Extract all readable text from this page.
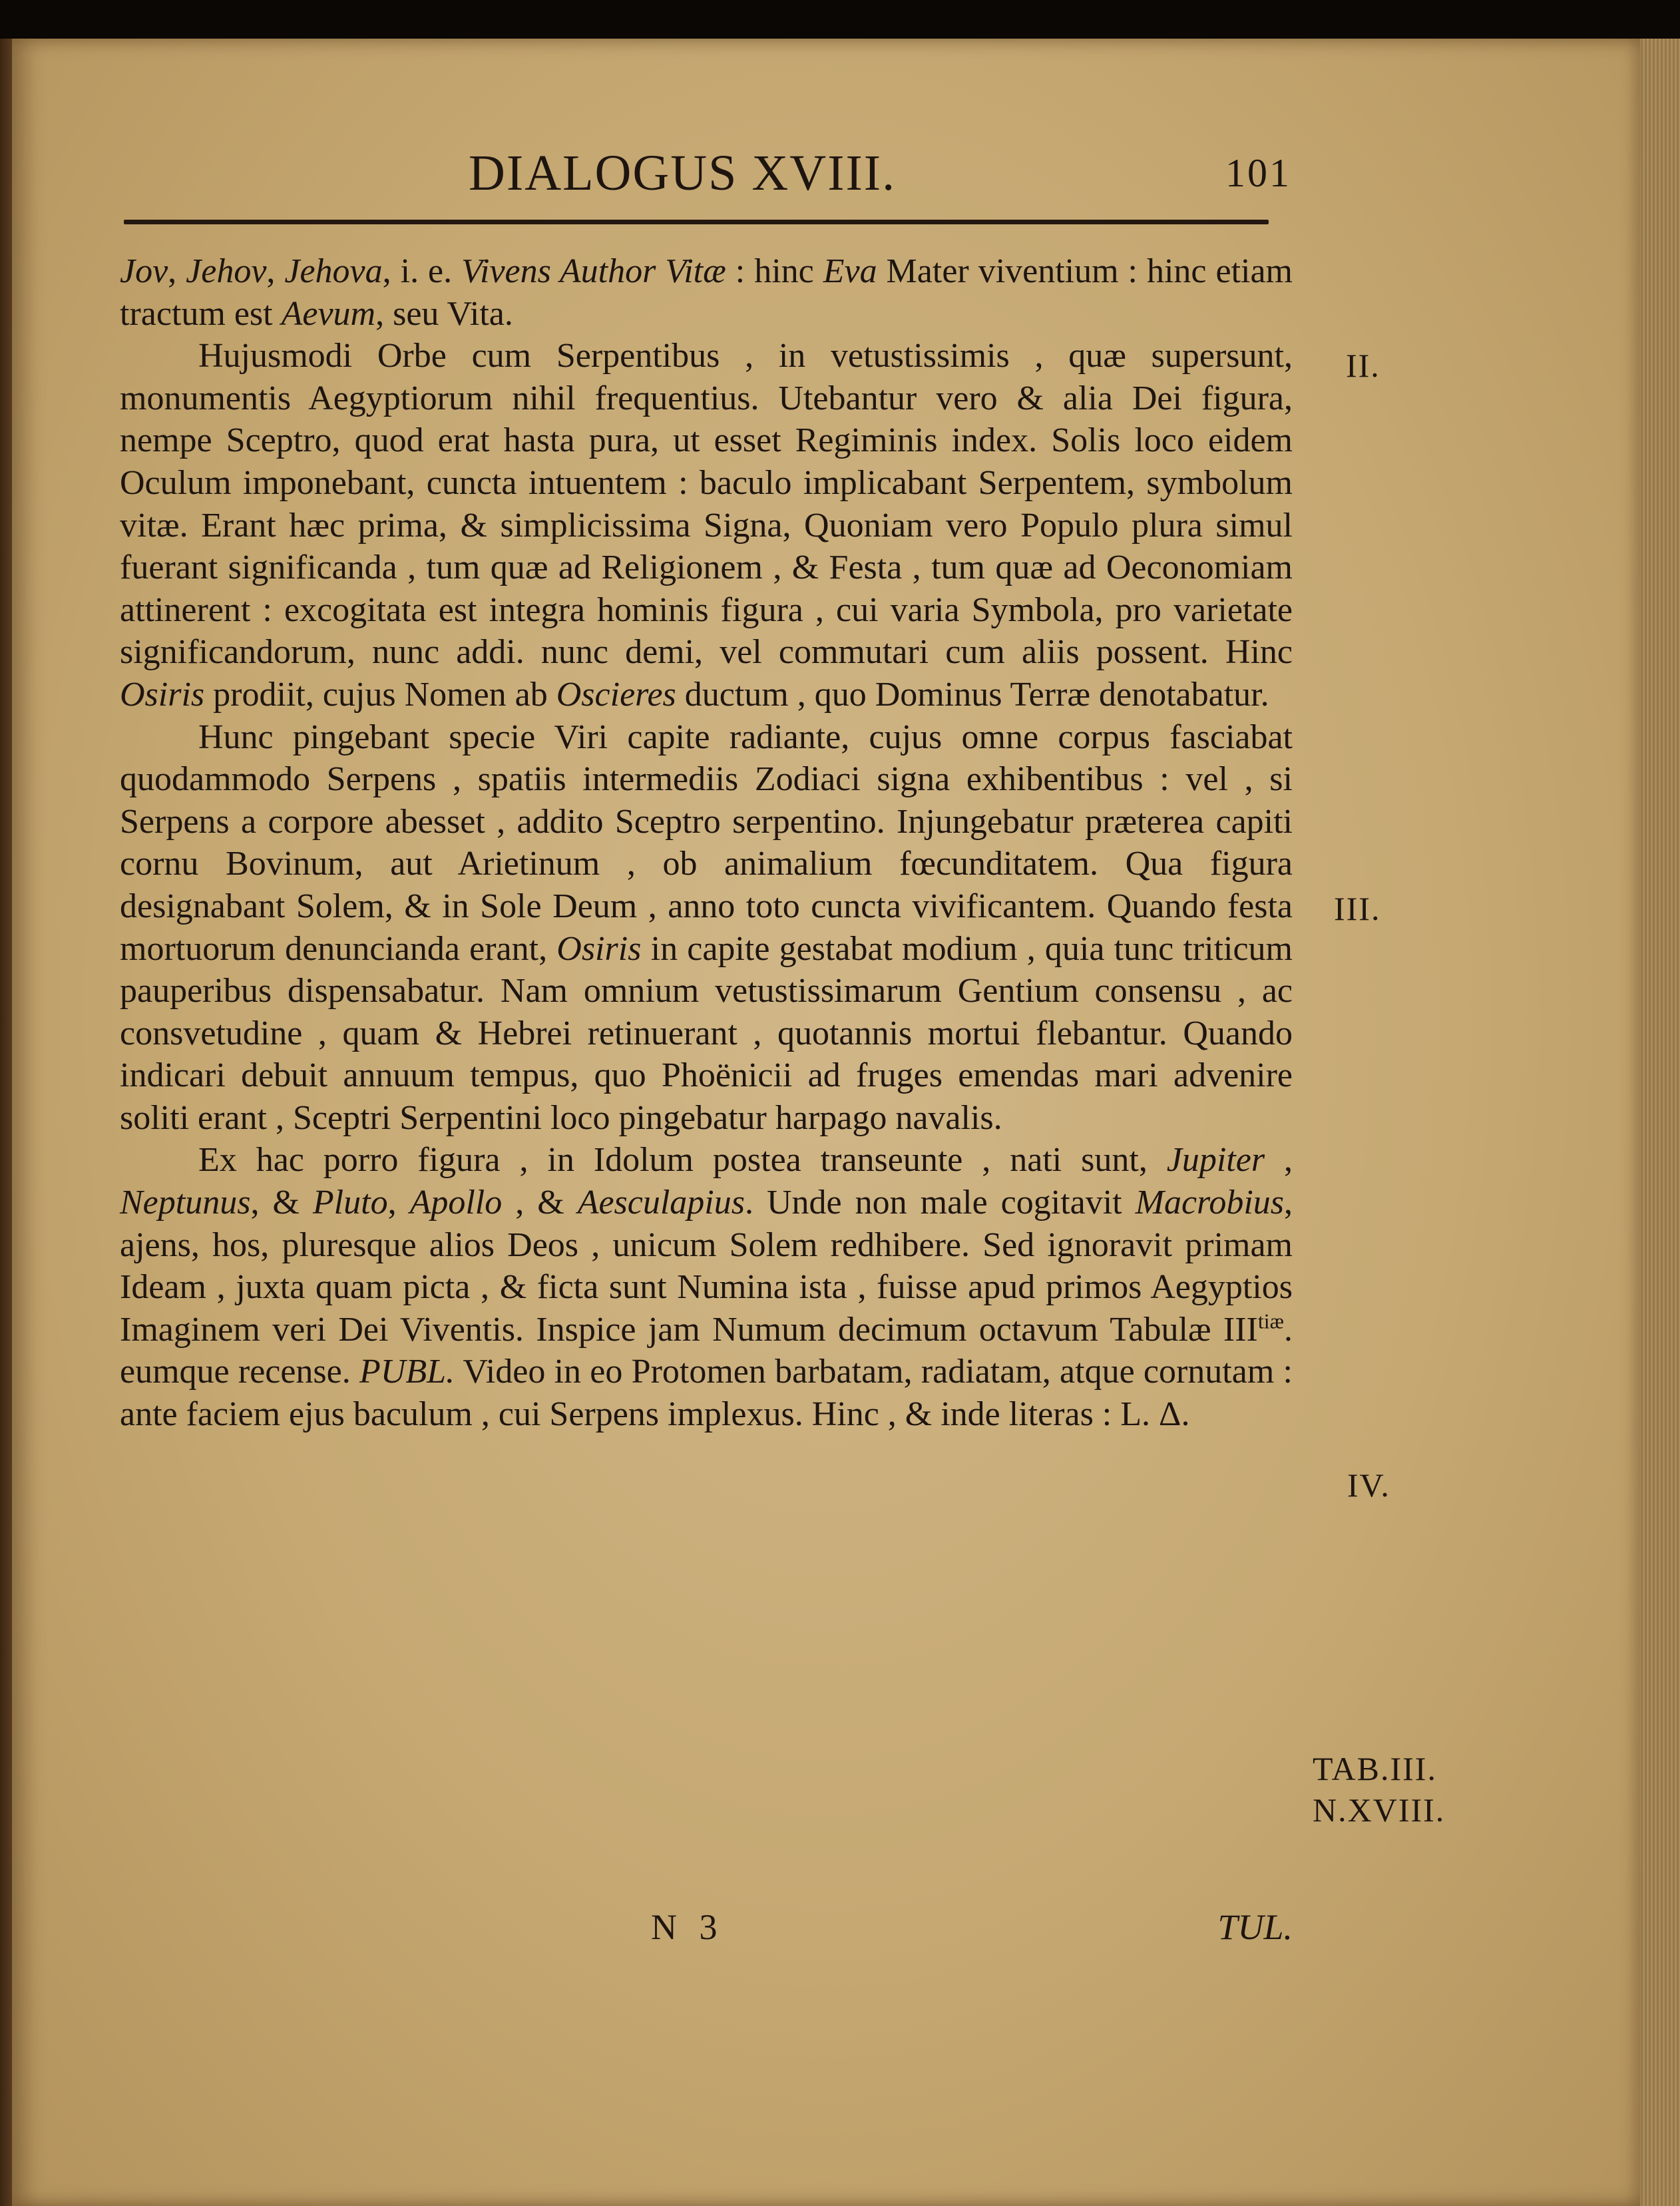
DIALOGUS XVIII.	101

Jov, Jehov, Jehova, i. e. Vivens Author Vitæ : hinc Eva Mater viventium : hinc etiam tractum est Aevum, seu Vita.

Hujusmodi Orbe cum Serpentibus , in vetustissimis , quæ supersunt, monumentis Aegyptiorum nihil frequentius. Utebantur vero & alia Dei figura, nempe Sceptro, quod erat hasta pura, ut esset Regiminis index. Solis loco eidem Oculum imponebant, cuncta intuentem : baculo implicabant Serpentem, symbolum vitæ. Erant hæc prima, & simplicissima Signa, Quoniam vero Populo plura simul fuerant significanda , tum quæ ad Religionem , & Festa , tum quæ ad Oeconomiam attinerent : excogitata est integra hominis figura , cui varia Symbola, pro varietate significandorum, nunc addi. nunc demi, vel commutari cum aliis possent. Hinc Osiris prodiit, cujus Nomen ab Oscieres ductum , quo Dominus Terræ denotabatur.

Hunc pingebant specie Viri capite radiante, cujus omne corpus fasciabat quodammodo Serpens , spatiis intermediis Zodiaci signa exhibentibus : vel , si Serpens a corpore abesset , addito Sceptro serpentino. Injungebatur præterea capiti cornu Bovinum, aut Arietinum , ob animalium fœcunditatem. Qua figura designabant Solem, & in Sole Deum , anno toto cuncta vivificantem. Quando festa mortuorum denuncianda erant, Osiris in capite gestabat modium , quia tunc triticum pauperibus dispensabatur. Nam omnium vetustissimarum Gentium consensu , ac consvetudine , quam & Hebrei retinuerant , quotannis mortui flebantur. Quando indicari debuit annuum tempus, quo Phoënicii ad fruges emendas mari advenire soliti erant , Sceptri Serpentini loco pingebatur harpago navalis.

Ex hac porro figura , in Idolum postea transeunte , nati sunt, Jupiter , Neptunus, & Pluto, Apollo , & Aesculapius. Unde non male cogitavit Macrobius, ajens, hos, pluresque alios Deos , unicum Solem redhibere. Sed ignoravit primam Ideam , juxta quam picta , & ficta sunt Numina ista , fuisse apud primos Aegyptios Imaginem veri Dei Viventis. Inspice jam Numum decimum octavum Tabulæ $III^{tiæ}$. eumque recense. PUBL. Video in eo Protomen barbatam, radiatam, atque cornutam : ante faciem ejus baculum , cui Serpens implexus. Hinc , & inde literas : L. Δ.

II.
III.
IV.
TAB.III.
N.XVIII.
N 3	TUL.
